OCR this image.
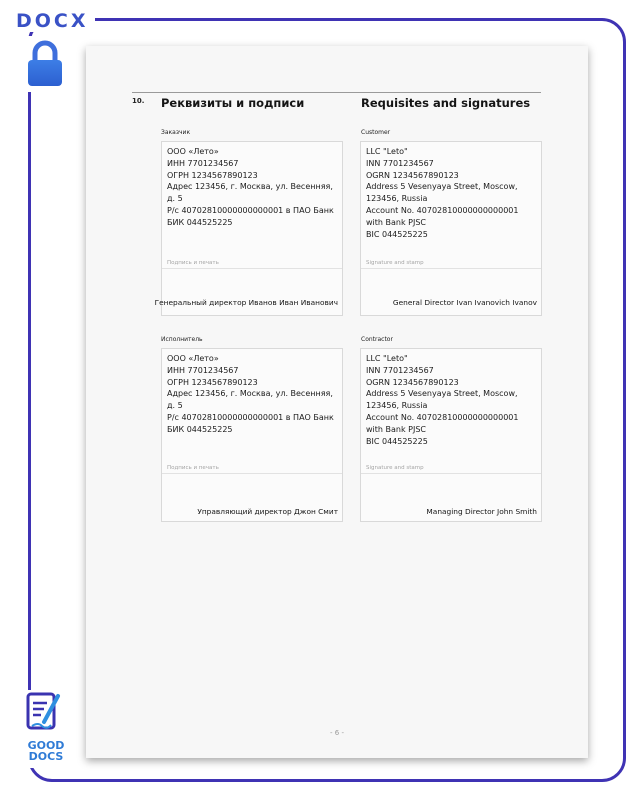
DOCX
GOOD
DOCS
10. Реквизиты и подписи	Requisites and signatures
Заказчик
ООО «Лето»
ИНН 7701234567
ОГРН 1234567890123
Адрес 123456, г. Москва, ул. Весенняя, д. 5
Р/с 40702810000000000001 в ПАО Банк
БИК 044525225
Подпись и печать
Генеральный директор Иванов Иван Иванович
Customer
LLC "Leto"
INN 7701234567
OGRN 1234567890123
Address 5 Vesenyaya Street, Moscow, 123456, Russia
Account No. 40702810000000000001 with Bank PJSC
BIC 044525225
Signature and stamp
General Director Ivan Ivanovich Ivanov
Исполнитель
ООО «Лето»
ИНН 7701234567
ОГРН 1234567890123
Адрес 123456, г. Москва, ул. Весенняя, д. 5
Р/с 40702810000000000001 в ПАО Банк
БИК 044525225
Подпись и печать
Управляющий директор Джон Смит
Contractor
LLC "Leto"
INN 7701234567
OGRN 1234567890123
Address 5 Vesenyaya Street, Moscow, 123456, Russia
Account No. 40702810000000000001 with Bank PJSC
BIC 044525225
Signature and stamp
Managing Director John Smith
- 6 -
